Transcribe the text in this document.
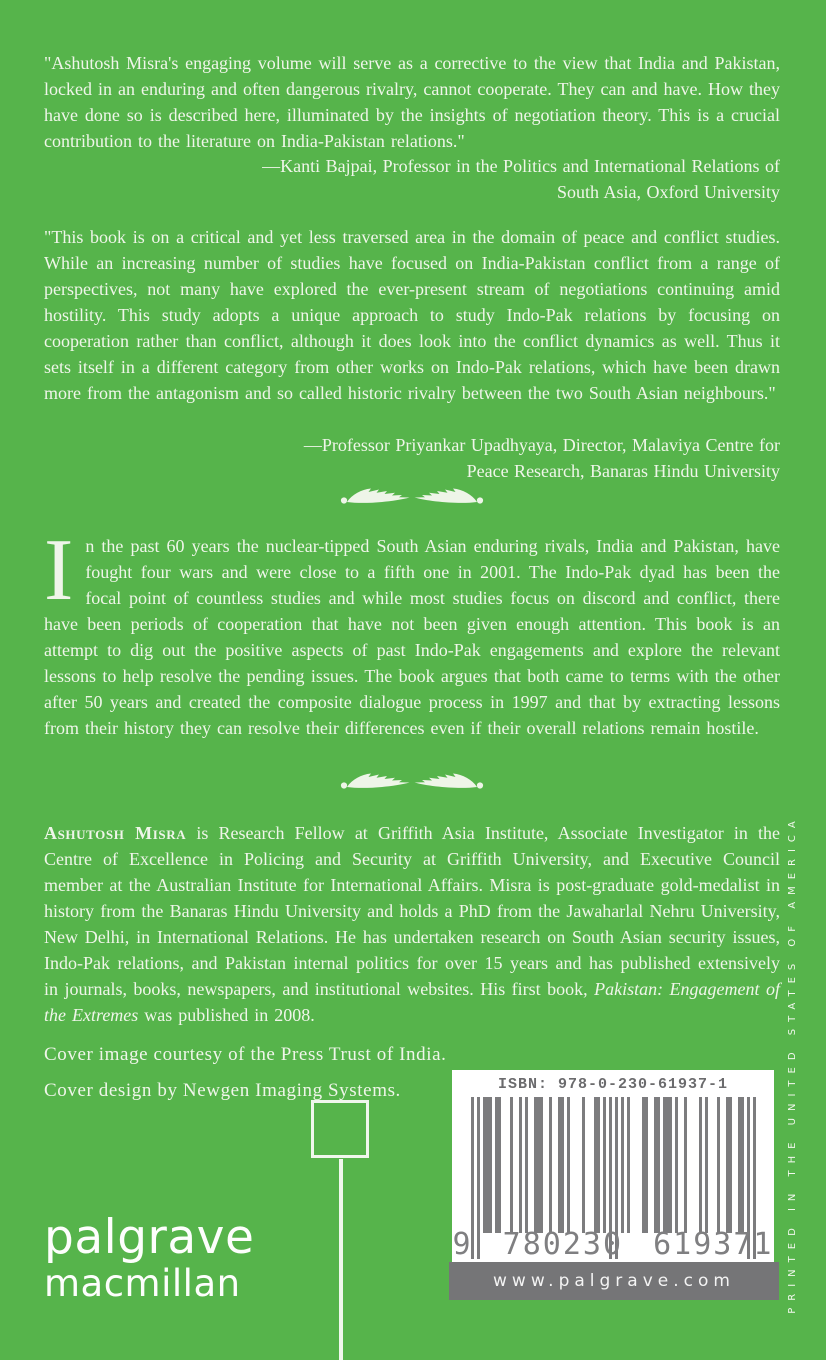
"Ashutosh Misra's engaging volume will serve as a corrective to the view that India and Pakistan, locked in an enduring and often dangerous rivalry, cannot cooperate. They can and have. How they have done so is described here, illuminated by the insights of negotiation theory. This is a crucial contribution to the literature on India-Pakistan relations."

—Kanti Bajpai, Professor in the Politics and International Relations of
South Asia, Oxford University

"This book is on a critical and yet less traversed area in the domain of peace and conflict studies. While an increasing number of studies have focused on India-Pakistan conflict from a range of perspectives, not many have explored the ever-present stream of negotiations continuing amid hostility. This study adopts a unique approach to study Indo-Pak relations by focusing on cooperation rather than conflict, although it does look into the conflict dynamics as well. Thus it sets itself in a different category from other works on Indo-Pak relations, which have been drawn more from the antagonism and so called historic rivalry between the two South Asian neighbours."

—Professor Priyankar Upadhyaya, Director, Malaviya Centre for
Peace Research, Banaras Hindu University

In the past 60 years the nuclear-tipped South Asian enduring rivals, India and Pakistan, have fought four wars and were close to a fifth one in 2001. The Indo-Pak dyad has been the focal point of countless studies and while most studies focus on discord and conflict, there have been periods of cooperation that have not been given enough attention. This book is an attempt to dig out the positive aspects of past Indo-Pak engagements and explore the relevant lessons to help resolve the pending issues. The book argues that both came to terms with the other after 50 years and created the composite dialogue process in 1997 and that by extracting lessons from their history they can resolve their differences even if their overall relations remain hostile.

Ashutosh Misra is Research Fellow at Griffith Asia Institute, Associate Investigator in the Centre of Excellence in Policing and Security at Griffith University, and Executive Council member at the Australian Institute for International Affairs. Misra is post-graduate gold-medalist in history from the Banaras Hindu University and holds a PhD from the Jawaharlal Nehru University, New Delhi, in International Relations. He has undertaken research on South Asian security issues, Indo-Pak relations, and Pakistan internal politics for over 15 years and has published extensively in journals, books, newspapers, and institutional websites. His first book, Pakistan: Engagement of the Extremes was published in 2008.

Cover image courtesy of the Press Trust of India.

Cover design by Newgen Imaging Systems.	ISBN: 978-0-230-61937-1
9 780230 619371
www.palgrave.com
palgrave
macmillan	PRINTED IN THE UNITED STATES OF AMERICA
